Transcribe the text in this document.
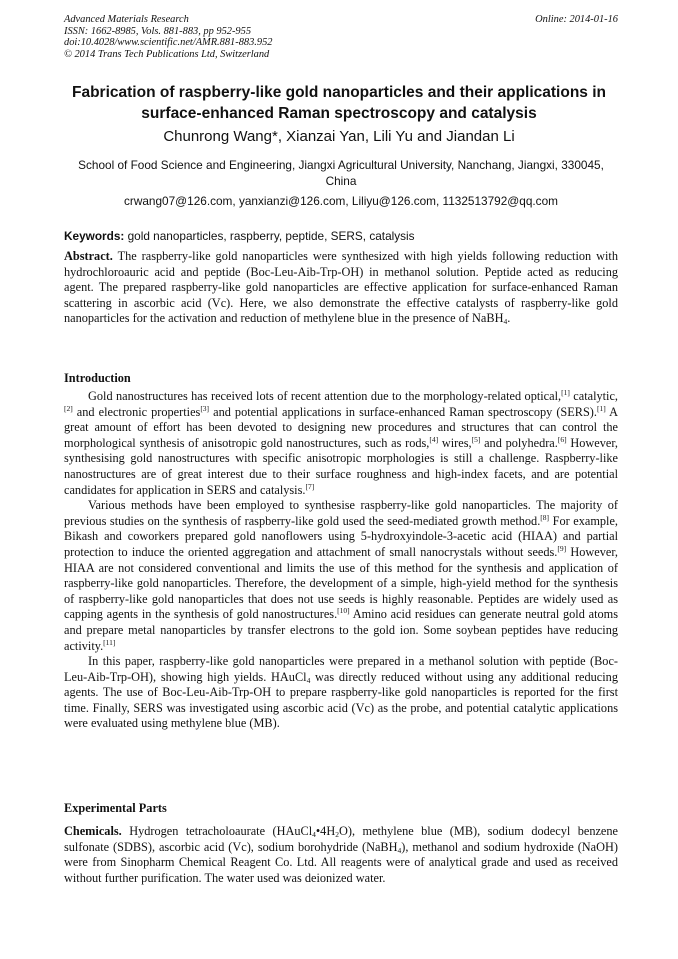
Advanced Materials Research
ISSN: 1662-8985, Vols. 881-883, pp 952-955
doi:10.4028/www.scientific.net/AMR.881-883.952
© 2014 Trans Tech Publications Ltd, Switzerland
Online: 2014-01-16
Fabrication of raspberry-like gold nanoparticles and their applications in surface-enhanced Raman spectroscopy and catalysis
Chunrong Wang*, Xianzai Yan, Lili Yu and Jiandan Li
School of Food Science and Engineering, Jiangxi Agricultural University, Nanchang, Jiangxi, 330045, China
crwang07@126.com, yanxianzi@126.com, Liliyu@126.com, 1132513792@qq.com
Keywords: gold nanoparticles, raspberry, peptide, SERS, catalysis

Abstract. The raspberry-like gold nanoparticles were synthesized with high yields following reduction with hydrochloroauric acid and peptide (Boc-Leu-Aib-Trp-OH) in methanol solution. Peptide acted as reducing agent. The prepared raspberry-like gold nanoparticles are effective application for surface-enhanced Raman scattering in ascorbic acid (Vc). Here, we also demonstrate the effective catalysts of raspberry-like gold nanoparticles for the activation and reduction of methylene blue in the presence of NaBH$_4$.

Introduction

Gold nanostructures has received lots of recent attention due to the morphology-related optical,[1] catalytic,[2] and electronic properties[3] and potential applications in surface-enhanced Raman spectroscopy (SERS).[1] A great amount of effort has been devoted to designing new procedures and structures that can control the morphological synthesis of anisotropic gold nanostructures, such as rods,[4] wires,[5] and polyhedra.[6] However, synthesising gold nanostructures with specific anisotropic morphologies is still a challenge. Raspberry-like nanostructures are of great interest due to their surface roughness and high-index facets, and are potential candidates for application in SERS and catalysis.[7]

Various methods have been employed to synthesise raspberry-like gold nanoparticles. The majority of previous studies on the synthesis of raspberry-like gold used the seed-mediated growth method.[8] For example, Bikash and coworkers prepared gold nanoflowers using 5-hydroxyindole-3-acetic acid (HIAA) and partial protection to induce the oriented aggregation and attachment of small nanocrystals without seeds.[9] However, HIAA are not considered conventional and limits the use of this method for the synthesis and application of raspberry-like gold nanoparticles. Therefore, the development of a simple, high-yield method for the synthesis of raspberry-like gold nanoparticles that does not use seeds is highly reasonable. Peptides are widely used as capping agents in the synthesis of gold nanostructures.[10] Amino acid residues can generate neutral gold atoms and prepare metal nanoparticles by transfer electrons to the gold ion. Some soybean peptides have reducing activity.[11]

In this paper, raspberry-like gold nanoparticles were prepared in a methanol solution with peptide (Boc-Leu-Aib-Trp-OH), showing high yields. HAuCl$_4$ was directly reduced without using any additional reducing agents. The use of Boc-Leu-Aib-Trp-OH to prepare raspberry-like gold nanoparticles is reported for the first time. Finally, SERS was investigated using ascorbic acid (Vc) as the probe, and potential catalytic applications were evaluated using methylene blue (MB).

Experimental Parts

Chemicals. Hydrogen tetracholoaurate $(HAuCl_4•4H_2O)$, methylene blue (MB), sodium dodecyl benzene sulfonate (SDBS), ascorbic acid (Vc), sodium borohydride (NaBH$_4$), methanol and sodium hydroxide (NaOH) were from Sinopharm Chemical Reagent Co. Ltd. All reagents were of analytical grade and used as received without further purification. The water used was deionized water.
